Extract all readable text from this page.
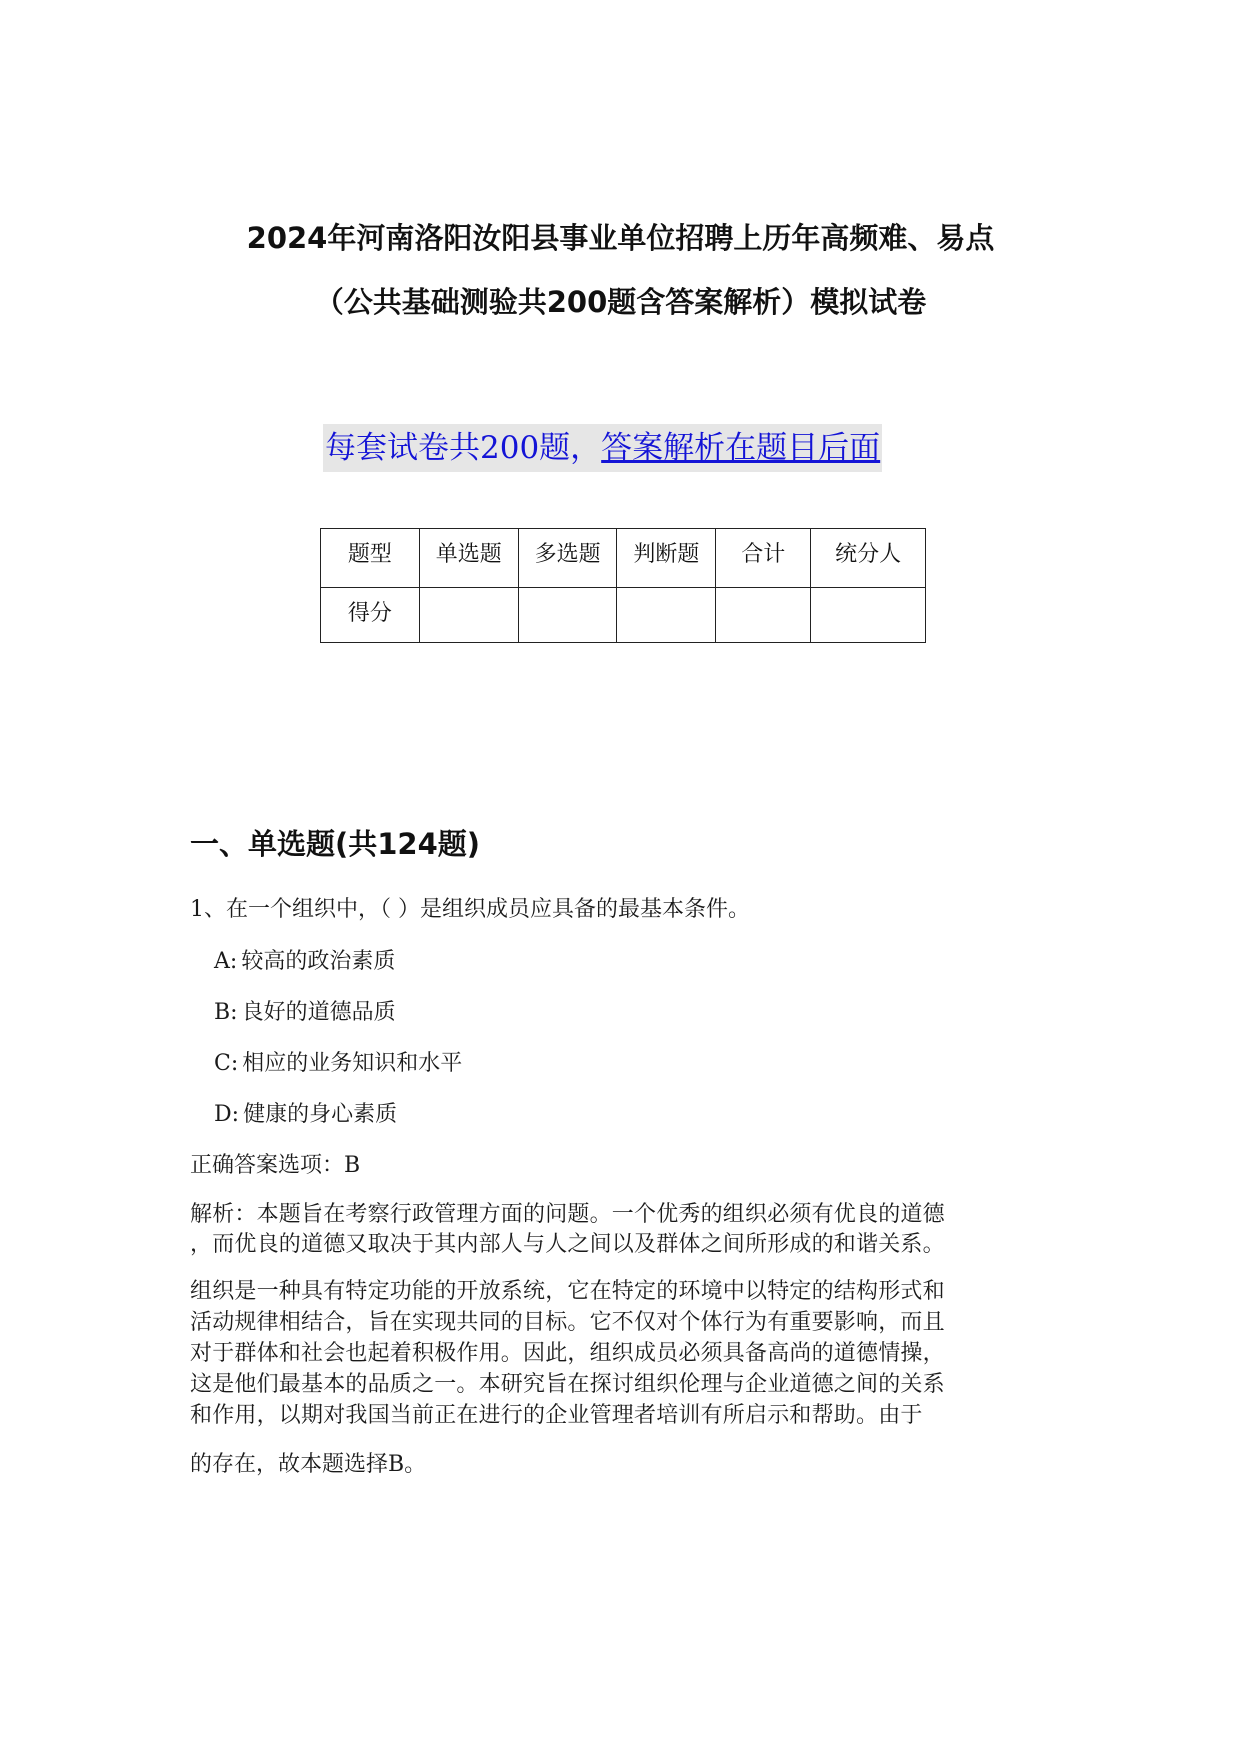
2024年河南洛阳汝阳县事业单位招聘上历年高频难、易点
（公共基础测验共200题含答案解析）模拟试卷
每套试卷共200题，答案解析在题目后面
题型	单选题	多选题	判断题	合计	统分人
得分					
一、单选题(共124题)
1、在一个组织中，（ ）是组织成员应具备的最基本条件。
A: 较高的政治素质
B: 良好的道德品质
C: 相应的业务知识和水平
D: 健康的身心素质
正确答案选项：B
解析：本题旨在考察行政管理方面的问题。一个优秀的组织必须有优良的道德
，而优良的道德又取决于其内部人与人之间以及群体之间所形成的和谐关系。
组织是一种具有特定功能的开放系统，它在特定的环境中以特定的结构形式和
活动规律相结合，旨在实现共同的目标。它不仅对个体行为有重要影响，而且
对于群体和社会也起着积极作用。因此，组织成员必须具备高尚的道德情操，
这是他们最基本的品质之一。本研究旨在探讨组织伦理与企业道德之间的关系
和作用，以期对我国当前正在进行的企业管理者培训有所启示和帮助。由于
的存在，故本题选择B。
